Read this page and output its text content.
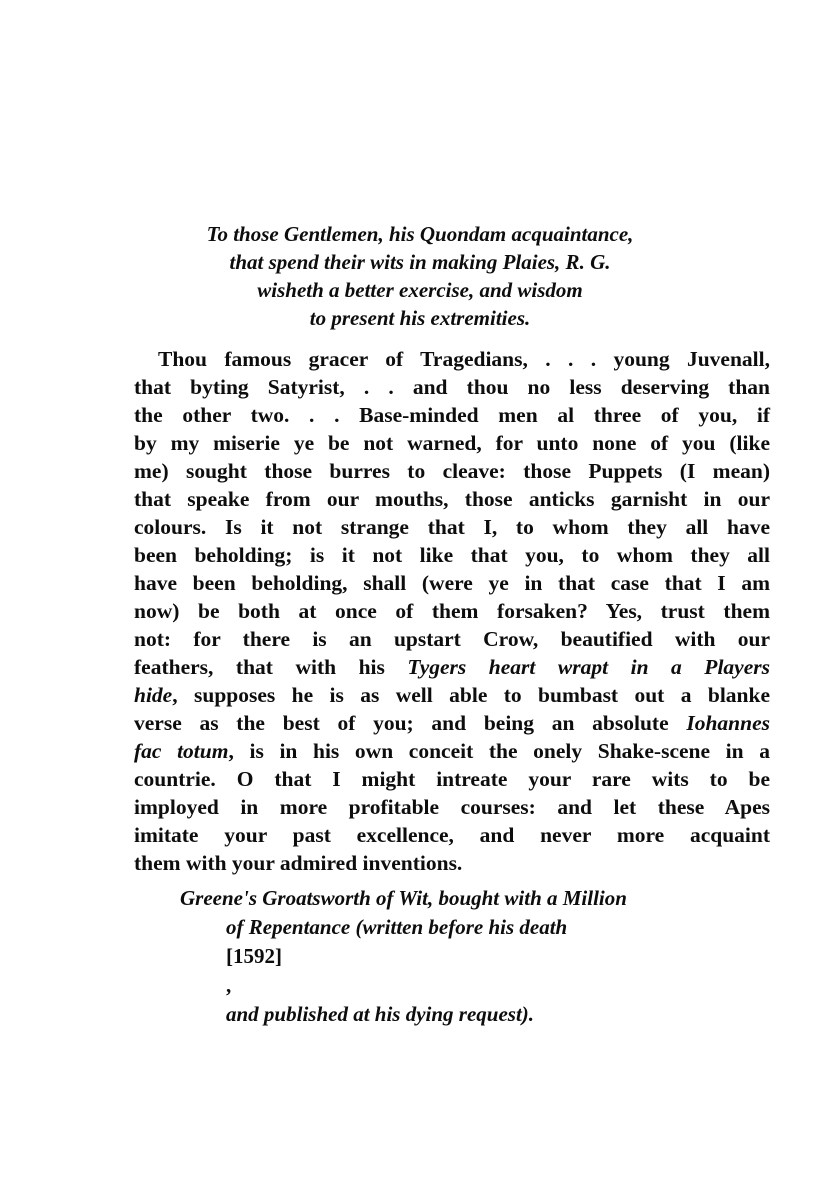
To those Gentlemen, his Quondam acquaintance,
that spend their wits in making Plaies, R. G.
wisheth a better exercise, and wisdom
to present his extremities.
Thou famous gracer of Tragedians, . . . young Juvenall,
that byting Satyrist, . . and thou no less deserving than
the other two. . . Base-minded men al three of you, if
by my miserie ye be not warned, for unto none of you (like
me) sought those burres to cleave: those Puppets (I mean)
that speake from our mouths, those anticks garnisht in our
colours. Is it not strange that I, to whom they all have
been beholding; is it not like that you, to whom they all
have been beholding, shall (were ye in that case that I am
now) be both at once of them forsaken? Yes, trust them
not: for there is an upstart Crow, beautified with our
feathers, that with his Tygers heart wrapt in a Players
hide, supposes he is as well able to bumbast out a blanke
verse as the best of you; and being an absolute Iohannes
fac totum, is in his own conceit the onely Shake-scene in a
countrie. O that I might intreate your rare wits to be
imployed in more profitable courses: and let these Apes
imitate your past excellence, and never more acquaint
them with your admired inventions.
Greene's Groatsworth of Wit, bought with a Million
of Repentance (written before his death
[1592]
,
and published at his dying request).
